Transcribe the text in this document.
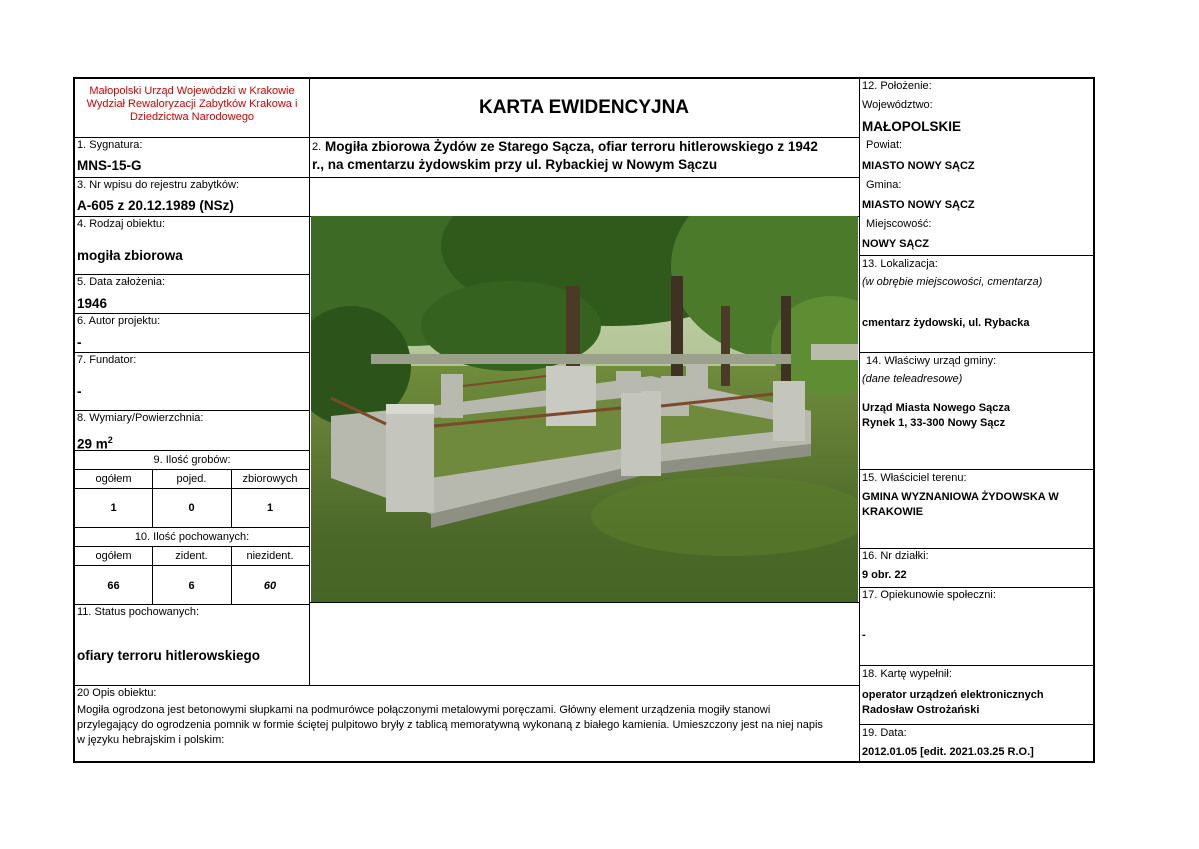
Małopolski Urząd Wojewódzki w Krakowie Wydział Rewaloryzacji Zabytków Krakowa i Dziedzictwa Narodowego	KARTA EWIDENCYJNA
2. Mogiła zbiorowa Żydów ze Starego Sącza, ofiar terroru hitlerowskiego z 1942
r., na cmentarzu żydowskim przy ul. Rybackiej w Nowym Sączu
1. Sygnatura:
MNS-15-G
3. Nr wpisu do rejestru zabytków:
A-605 z 20.12.1989 (NSz)
4. Rodzaj obiektu:
mogiła zbiorowa
5. Data założenia:
1946
6. Autor projektu:
-
7. Fundator:
-
8. Wymiary/Powierzchnia:
29 $m^2$
9. Ilość grobów:
ogółem	pojed.	zbiorowych
1	0	1
10. Ilość pochowanych:
ogółem	zident.	niezident.
66	6	60
11. Status pochowanych:
ofiary terroru hitlerowskiego
12. Położenie:
Województwo:
MAŁOPOLSKIE
Powiat:
MIASTO NOWY SĄCZ
Gmina:
MIASTO NOWY SĄCZ
Miejscowość:
NOWY SĄCZ
13. Lokalizacja:
(w obrębie miejscowości, cmentarza)
cmentarz żydowski, ul. Rybacka
14. Właściwy urząd gminy:
(dane teleadresowe)
Urząd Miasta Nowego Sącza
Rynek 1, 33-300 Nowy Sącz
15. Właściciel terenu:
GMINA WYZNANIOWA ŻYDOWSKA W
KRAKOWIE
16. Nr działki:
9 obr. 22
17. Opiekunowie społeczni:
-
18. Kartę wypełnił:
operator urządzeń elektronicznych
Radosław Ostrożański
19. Data:
2012.01.05 [edit. 2021.03.25 R.O.]
20 Opis obiektu:
Mogiła ogrodzona jest betonowymi słupkami na podmurówce połączonymi metalowymi poręczami. Główny element urządzenia mogiły stanowi
przylegający do ogrodzenia pomnik w formie ściętej pulpitowo bryły z tablicą memoratywną wykonaną z białego kamienia. Umieszczony jest na niej napis
w języku hebrajskim i polskim:
